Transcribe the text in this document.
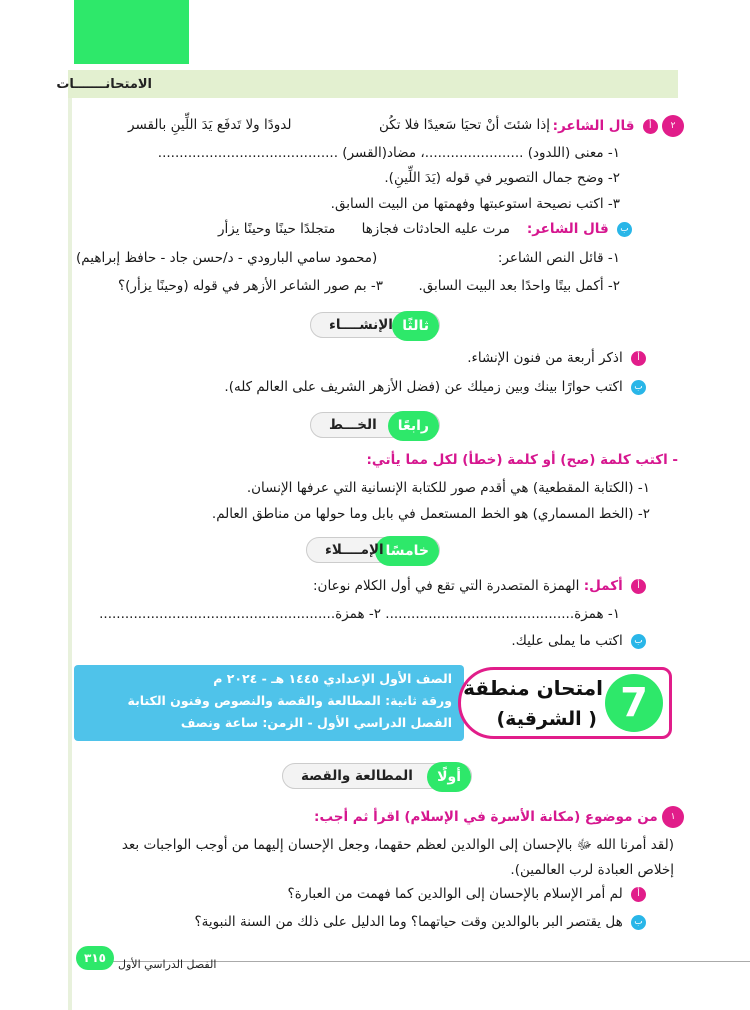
الامتحانـــــــات
٢ أ قال الشاعر:
إذا شئتَ أنْ تحيَا سَعيدًا فلا تكُن
لدودًا ولا تَدفَع يَدَ اللِّينِ بالقسر
١- معنى (اللدود) .......................، مضاد(القسر) ..........................................
٢- وضح جمال التصوير في قوله (يَدَ اللِّينِ).
٣- اكتب نصيحة استوعبتها وفهمتها من البيت السابق.
ب قال الشاعر:
مرت عليه الحادثات فجازها
متجلدًا حينًا وحينًا يزأر
١- قائل النص الشاعر:
(محمود سامي البارودي - د/حسن جاد - حافظ إبراهيم)
٢- أكمل بيتًا واحدًا بعد البيت السابق.
٣- بم صور الشاعر الأزهر في قوله (وحينًا يزأر)؟
ثالثًا
الإنشــــاء
أ اذكر أربعة من فنون الإنشاء.
ب اكتب حوارًا بينك وبين زميلك عن (فضل الأزهر الشريف على العالم كله).
رابعًا
الخـــط
- اكتب كلمة (صح) أو كلمة (خطأ) لكل مما يأتي:
١- (الكتابة المقطعية) هي أقدم صور للكتابة الإنسانية التي عرفها الإنسان.
٢- (الخط المسماري) هو الخط المستعمل في بابل وما حولها من مناطق العالم.
خامسًا
الإمــــلاء
أ أكمل: الهمزة المتصدرة التي تقع في أول الكلام نوعان:
١- همزة............................................ ٢- همزة.......................................................
ب اكتب ما يملى عليك.
الصف الأول الإعدادي ١٤٤٥ هـ - ٢٠٢٤ م
ورقة ثانية: المطالعة والقصة والنصوص وفنون الكتابة
الفصل الدراسي الأول - الزمن: ساعة ونصف	7
امتحان منطقة
( الشرقية)
أولًا
المطالعة والقصة
١ من موضوع (مكانة الأسرة في الإسلام) اقرأ ثم أجب:
(لقد أمرنا الله ﷻ بالإحسان إلى الوالدين لعظم حقهما، وجعل الإحسان إليهما من أوجب الواجبات بعد
إخلاص العبادة لرب العالمين).
أ لم أمر الإسلام بالإحسان إلى الوالدين كما فهمت من العبارة؟
ب هل يقتصر البر بالوالدين وقت حياتهما؟ وما الدليل على ذلك من السنة النبوية؟
٣١٥	الفصل الدراسي الأول
